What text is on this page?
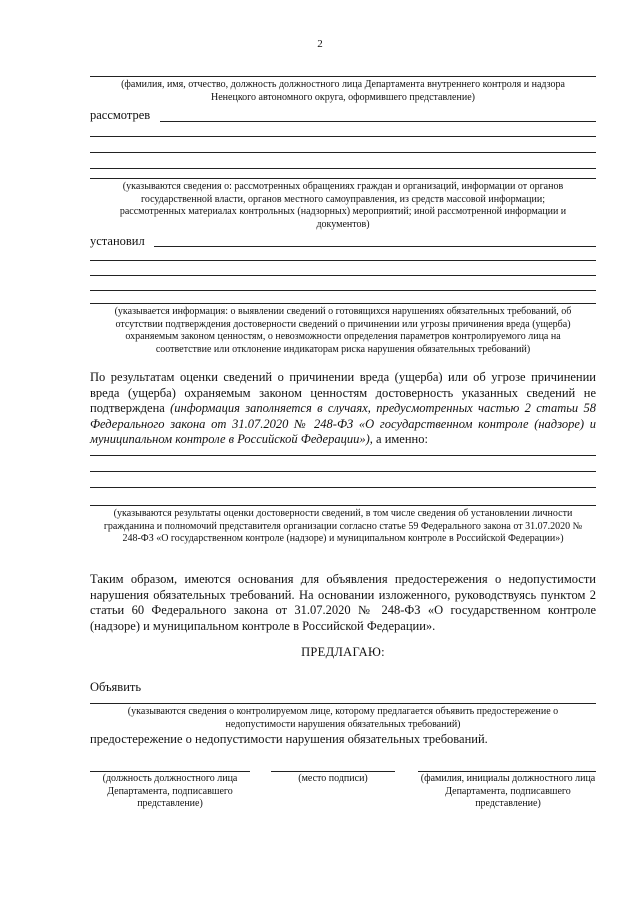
2
(фамилия, имя, отчество, должность должностного лица Департамента внутреннего контроля и надзора Ненецкого автономного округа, оформившего представление)
рассмотрев
(указываются сведения о: рассмотренных обращениях граждан и организаций, информации от органов государственной власти, органов местного самоуправления, из средств массовой информации; рассмотренных материалах контрольных (надзорных) мероприятий; иной рассмотренной информации и документов)
установил
(указывается информация: о выявлении сведений о готовящихся нарушениях обязательных требований, об отсутствии подтверждения достоверности сведений о причинении или угрозы причинения вреда (ущерба) охраняемым законом ценностям, о невозможности определения параметров контролируемого лица на соответствие или отклонение индикаторам риска нарушения обязательных требований)
По результатам оценки сведений о причинении вреда (ущерба) или об угрозе причинении вреда (ущерба) охраняемым законом ценностям достоверность указанных сведений не подтверждена (информация заполняется в случаях, предусмотренных частью 2 статьи 58 Федерального закона от 31.07.2020 № 248-ФЗ «О государственном контроле (надзоре) и муниципальном контроле в Российской Федерации»), а именно:
(указываются результаты оценки достоверности сведений, в том числе сведения об установлении личности гражданина и полномочий представителя организации согласно статье 59 Федерального закона от 31.07.2020 № 248-ФЗ «О государственном контроле (надзоре) и муниципальном контроле в Российской Федерации»)
Таким образом, имеются основания для объявления предостережения о недопустимости нарушения обязательных требований. На основании изложенного, руководствуясь пунктом 2 статьи 60 Федерального закона от 31.07.2020 № 248-ФЗ «О государственном контроле (надзоре) и муниципальном контроле в Российской Федерации».
ПРЕДЛАГАЮ:
Объявить
(указываются сведения о контролируемом лице, которому предлагается объявить предостережение о недопустимости нарушения обязательных требований)
предостережение о недопустимости нарушения обязательных требований.
(должность должностного лица Департамента, подписавшего представление)
(место подписи)	(фамилия, инициалы должностного лица Департамента, подписавшего представление)
